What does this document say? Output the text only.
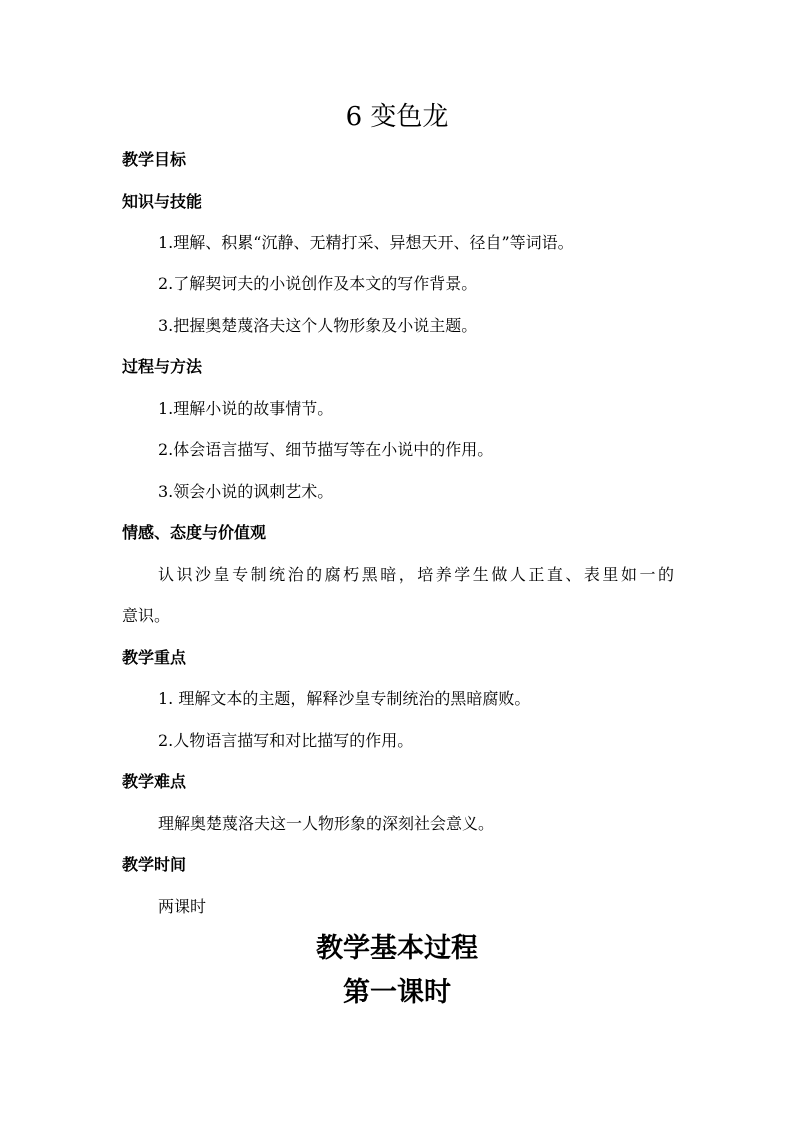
6 变色龙
教学目标
知识与技能
1.理解、积累“沉静、无精打采、异想天开、径自”等词语。
2.了解契诃夫的小说创作及本文的写作背景。
3.把握奥楚蔑洛夫这个人物形象及小说主题。
过程与方法
1.理解小说的故事情节。
2.体会语言描写、细节描写等在小说中的作用。
3.领会小说的讽刺艺术。
情感、态度与价值观
认识沙皇专制统治的腐朽黑暗，培养学生做人正直、表里如一的
意识。
教学重点
1. 理解文本的主题，解释沙皇专制统治的黑暗腐败。
2.人物语言描写和对比描写的作用。
教学难点
理解奥楚蔑洛夫这一人物形象的深刻社会意义。
教学时间
两课时
教学基本过程
第一课时
